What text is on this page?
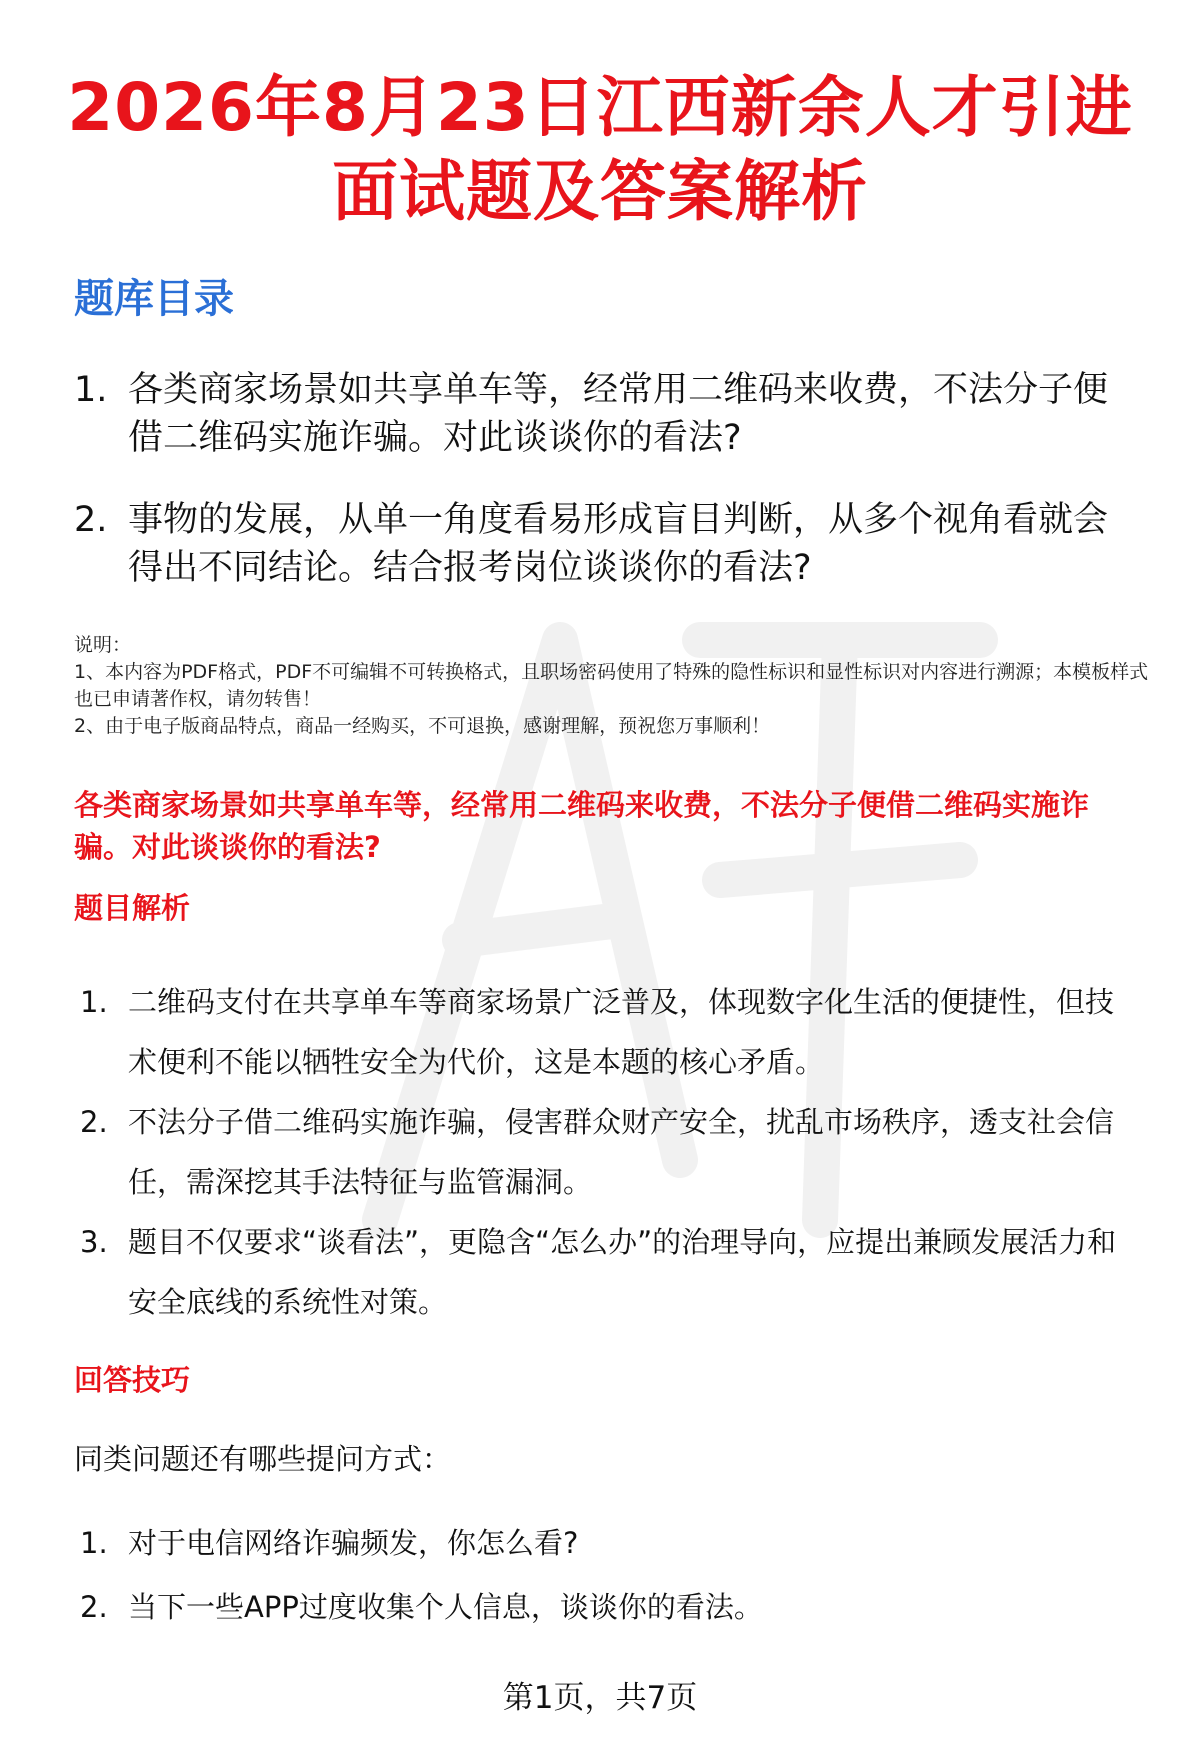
2026年8月23日江西新余人才引进面试题及答案解析
题库目录
1. 各类商家场景如共享单车等，经常用二维码来收费，不法分子便借二维码实施诈骗。对此谈谈你的看法?
2. 事物的发展，从单一角度看易形成盲目判断，从多个视角看就会得出不同结论。结合报考岗位谈谈你的看法?
说明：
1、本内容为PDF格式，PDF不可编辑不可转换格式，且职场密码使用了特殊的隐性标识和显性标识对内容进行溯源；本模板样式也已申请著作权，请勿转售！
2、由于电子版商品特点，商品一经购买，不可退换，感谢理解，预祝您万事顺利！
各类商家场景如共享单车等，经常用二维码来收费，不法分子便借二维码实施诈骗。对此谈谈你的看法?
题目解析
1. 二维码支付在共享单车等商家场景广泛普及，体现数字化生活的便捷性，但技术便利不能以牺牲安全为代价，这是本题的核心矛盾。
2. 不法分子借二维码实施诈骗，侵害群众财产安全，扰乱市场秩序，透支社会信任，需深挖其手法特征与监管漏洞。
3. 题目不仅要求“谈看法”，更隐含“怎么办”的治理导向，应提出兼顾发展活力和安全底线的系统性对策。
回答技巧
同类问题还有哪些提问方式：
1. 对于电信网络诈骗频发，你怎么看?
2. 当下一些APP过度收集个人信息，谈谈你的看法。
第1页，共7页
